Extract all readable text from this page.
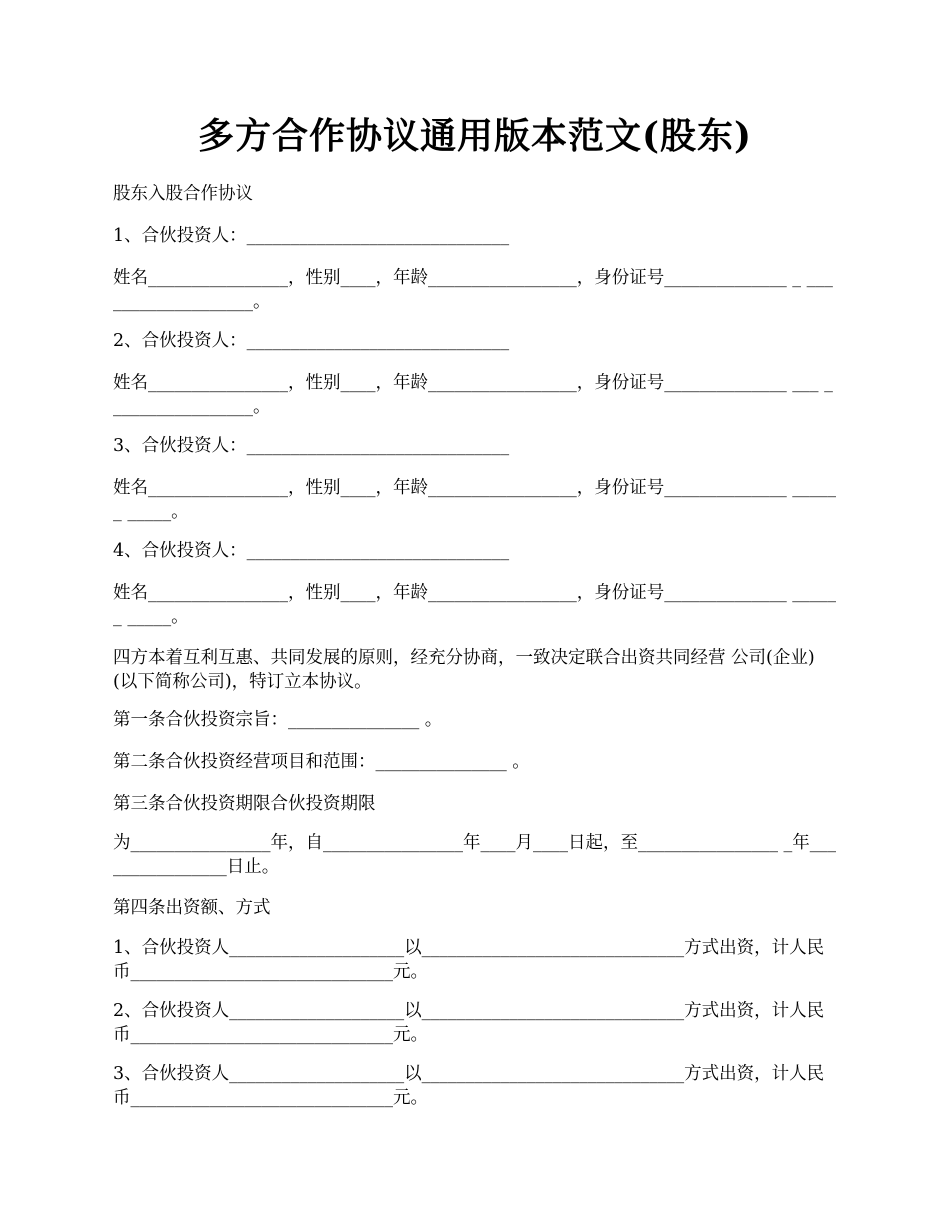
多方合作协议通用版本范文(股东)

股东入股合作协议

1、合伙投资人：______________________________

姓名________________，性别____，年龄_________________，身份证号______________ _ ___________________。

2、合伙投资人：______________________________

姓名________________，性别____，年龄_________________，身份证号______________ ___ _________________。

3、合伙投资人：______________________________

姓名________________，性别____，年龄_________________，身份证号______________ ______ _____。

4、合伙投资人：______________________________

姓名________________，性别____，年龄_________________，身份证号______________ ______ _____。

四方本着互利互惠、共同发展的原则，经充分协商，一致决定联合出资共同经营 公司(企业)(以下简称公司)，特订立本协议。

第一条合伙投资宗旨：_______________ 。

第二条合伙投资经营项目和范围：_______________ 。

第三条合伙投资期限合伙投资期限

为________________年，自________________年____月____日起，至________________ _年________________日止。

第四条出资额、方式

1、合伙投资人____________________以______________________________方式出资，计人民币______________________________元。

2、合伙投资人____________________以______________________________方式出资，计人民币______________________________元。

3、合伙投资人____________________以______________________________方式出资，计人民币______________________________元。
